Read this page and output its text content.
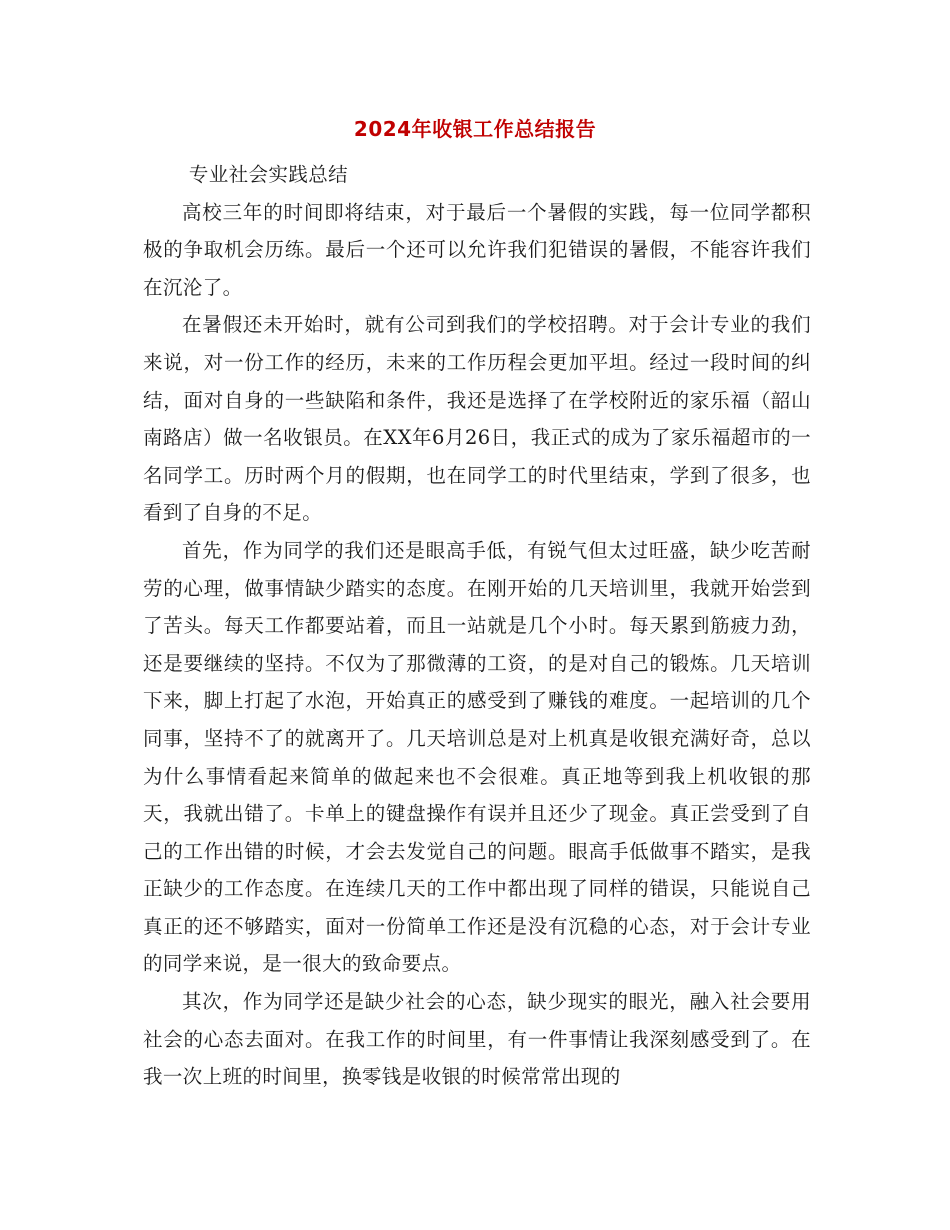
2024年收银工作总结报告

专业社会实践总结

高校三年的时间即将结束，对于最后一个暑假的实践，每一位同学都积极的争取机会历练。最后一个还可以允许我们犯错误的暑假，不能容许我们在沉沦了。

在暑假还未开始时，就有公司到我们的学校招聘。对于会计专业的我们来说，对一份工作的经历，未来的工作历程会更加平坦。经过一段时间的纠结，面对自身的一些缺陷和条件，我还是选择了在学校附近的家乐福（韶山南路店）做一名收银员。在XX年6月26日，我正式的成为了家乐福超市的一名同学工。历时两个月的假期，也在同学工的时代里结束，学到了很多，也看到了自身的不足。

首先，作为同学的我们还是眼高手低，有锐气但太过旺盛，缺少吃苦耐劳的心理，做事情缺少踏实的态度。在刚开始的几天培训里，我就开始尝到了苦头。每天工作都要站着，而且一站就是几个小时。每天累到筋疲力劲，还是要继续的坚持。不仅为了那微薄的工资，的是对自己的锻炼。几天培训下来，脚上打起了水泡，开始真正的感受到了赚钱的难度。一起培训的几个同事，坚持不了的就离开了。几天培训总是对上机真是收银充满好奇，总以为什么事情看起来简单的做起来也不会很难。真正地等到我上机收银的那天，我就出错了。卡单上的键盘操作有误并且还少了现金。真正尝受到了自己的工作出错的时候，才会去发觉自己的问题。眼高手低做事不踏实，是我正缺少的工作态度。在连续几天的工作中都出现了同样的错误，只能说自己真正的还不够踏实，面对一份简单工作还是没有沉稳的心态，对于会计专业的同学来说，是一很大的致命要点。

其次，作为同学还是缺少社会的心态，缺少现实的眼光，融入社会要用社会的心态去面对。在我工作的时间里，有一件事情让我深刻感受到了。在我一次上班的时间里，换零钱是收银的时候常常出现的
